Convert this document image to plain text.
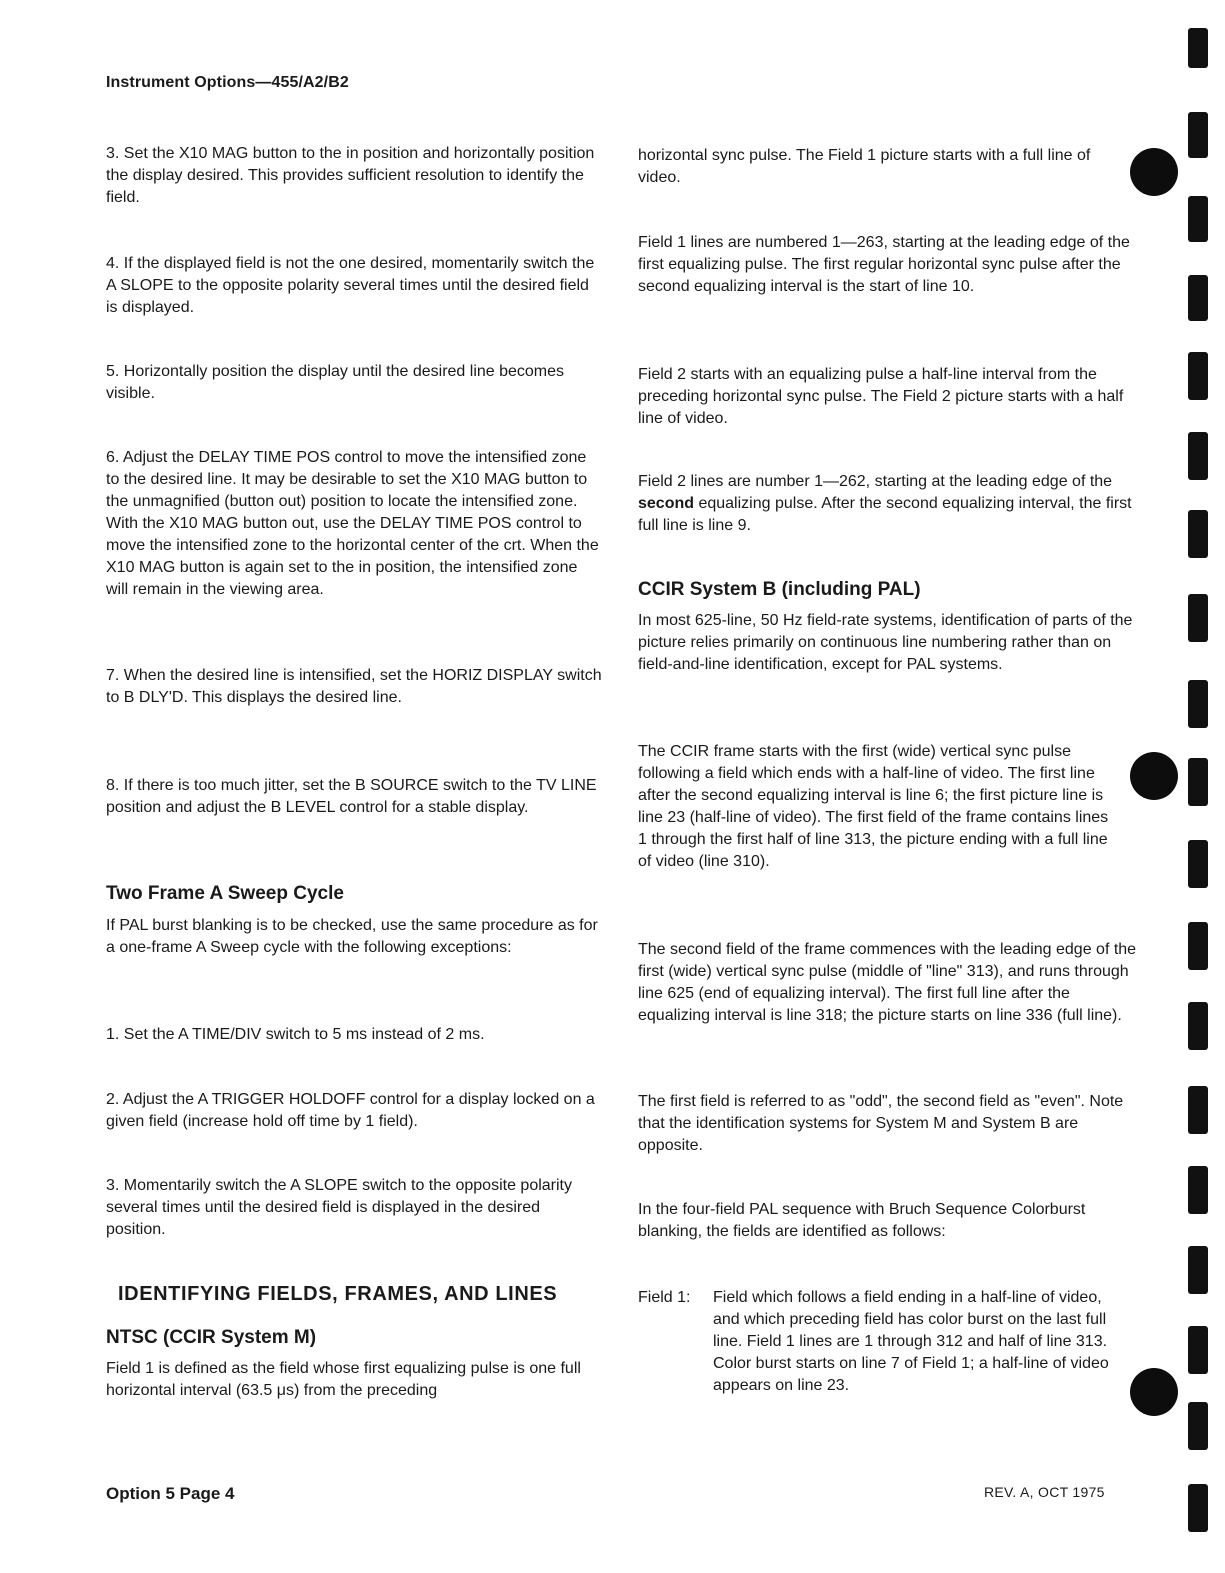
Instrument Options—455/A2/B2

3. Set the X10 MAG button to the in position and horizontally position the display desired. This provides sufficient resolution to identify the field.

4. If the displayed field is not the one desired, momentarily switch the A SLOPE to the opposite polarity several times until the desired field is displayed.

5. Horizontally position the display until the desired line becomes visible.

6. Adjust the DELAY TIME POS control to move the intensified zone to the desired line. It may be desirable to set the X10 MAG button to the unmagnified (button out) position to locate the intensified zone. With the X10 MAG button out, use the DELAY TIME POS control to move the intensified zone to the horizontal center of the crt. When the X10 MAG button is again set to the in position, the intensified zone will remain in the viewing area.

7. When the desired line is intensified, set the HORIZ DISPLAY switch to B DLY'D. This displays the desired line.

8. If there is too much jitter, set the B SOURCE switch to the TV LINE position and adjust the B LEVEL control for a stable display.

Two Frame A Sweep Cycle

If PAL burst blanking is to be checked, use the same procedure as for a one-frame A Sweep cycle with the following exceptions:

1. Set the A TIME/DIV switch to 5 ms instead of 2 ms.

2. Adjust the A TRIGGER HOLDOFF control for a display locked on a given field (increase hold off time by 1 field).

3. Momentarily switch the A SLOPE switch to the opposite polarity several times until the desired field is displayed in the desired position.

IDENTIFYING FIELDS, FRAMES, AND LINES
NTSC (CCIR System M)

Field 1 is defined as the field whose first equalizing pulse is one full horizontal interval (63.5 μs) from the preceding

horizontal sync pulse. The Field 1 picture starts with a full line of video.

Field 1 lines are numbered 1—263, starting at the leading edge of the first equalizing pulse. The first regular horizontal sync pulse after the second equalizing interval is the start of line 10.

Field 2 starts with an equalizing pulse a half-line interval from the preceding horizontal sync pulse. The Field 2 picture starts with a half line of video.

Field 2 lines are number 1—262, starting at the leading edge of the second equalizing pulse. After the second equalizing interval, the first full line is line 9.

CCIR System B (including PAL)

In most 625-line, 50 Hz field-rate systems, identification of parts of the picture relies primarily on continuous line numbering rather than on field-and-line identification, except for PAL systems.

The CCIR frame starts with the first (wide) vertical sync pulse following a field which ends with a half-line of video. The first line after the second equalizing interval is line 6; the first picture line is line 23 (half-line of video). The first field of the frame contains lines 1 through the first half of line 313, the picture ending with a full line of video (line 310).

The second field of the frame commences with the leading edge of the first (wide) vertical sync pulse (middle of "line" 313), and runs through line 625 (end of equalizing interval). The first full line after the equalizing interval is line 318; the picture starts on line 336 (full line).

The first field is referred to as "odd", the second field as "even". Note that the identification systems for System M and System B are opposite.

In the four-field PAL sequence with Bruch Sequence Colorburst blanking, the fields are identified as follows:

Field 1:	Field which follows a field ending in a half-line of video, and which preceding field has color burst on the last full line. Field 1 lines are 1 through 312 and half of line 313. Color burst starts on line 7 of Field 1; a half-line of video appears on line 23.
Option 5 Page 4	REV. A, OCT 1975
